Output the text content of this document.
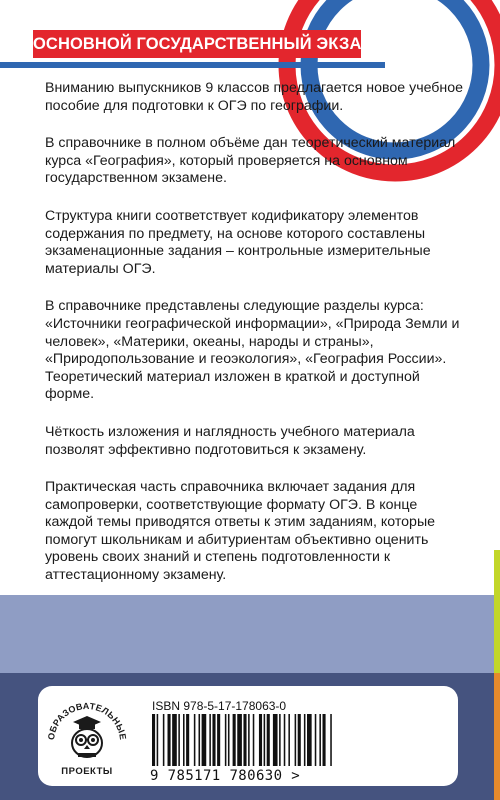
ОСНОВНОЙ ГОСУДАРСТВЕННЫЙ ЭКЗАМЕН

Вниманию выпускников 9 классов предлагается новое учебное пособие для подготовки к ОГЭ по географии.

В справочнике в полном объёме дан теоретический материал курса «География», который проверяется на основном государственном экзамене.

Структура книги соответствует кодификатору элементов содержания по предмету, на основе которого составлены экзаменационные задания – контрольные измерительные материалы ОГЭ.

В справочнике представлены следующие разделы курса: «Источники географической информации», «Природа Земли и человек», «Материки, океаны, народы и страны», «Природопользование и геоэкология», «География России». Теоретический материал изложен в краткой и доступной форме.

Чёткость изложения и наглядность учебного материала позволят эффективно подготовиться к экзамену.

Практическая часть справочника включает задания для самопроверки, соответствующие формату ОГЭ. В конце каждой темы приводятся ответы к этим заданиям, которые помогут школьникам и абитуриентам объективно оценить уровень своих знаний и степень подготовленности к аттестационному экзамену.

ОБРАЗОВАТЕЛЬНЫЕ
ПРОЕКТЫ
ISBN 978-5-17-178063-0
9 785171 780630 >
